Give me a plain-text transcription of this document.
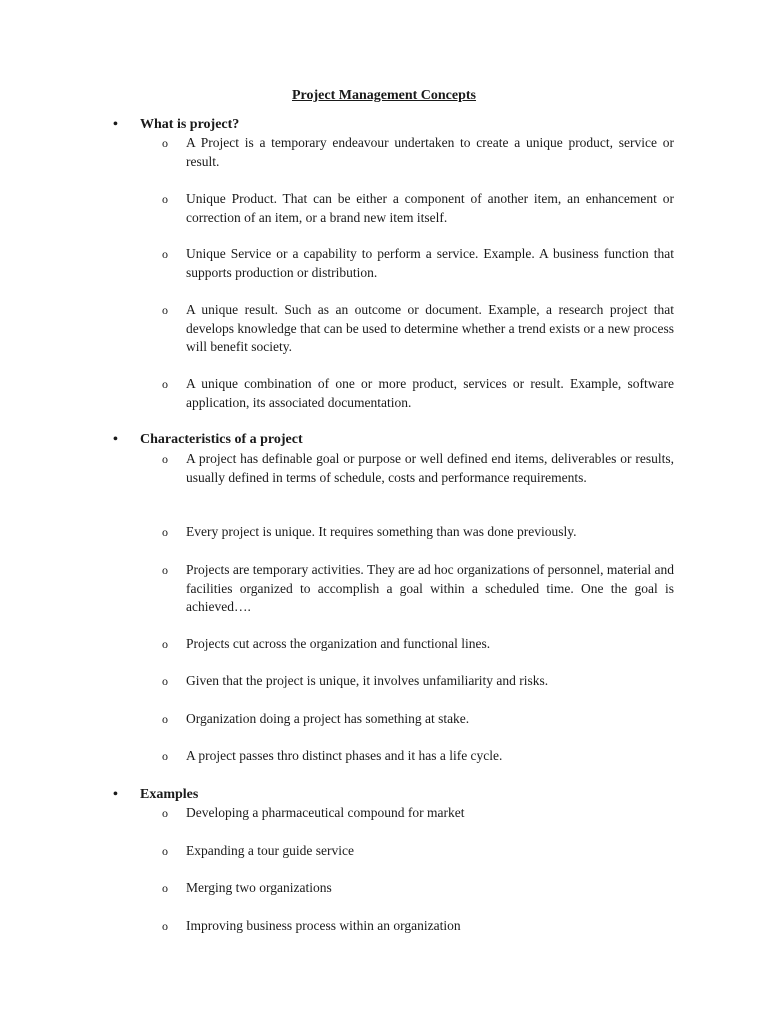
Project Management Concepts
•	What is project?
o A Project is a temporary endeavour undertaken to create a unique product, service or result.
o Unique Product. That can be either a component of another item, an enhancement or correction of an item, or a brand new item itself.
o Unique Service or a capability to perform a service. Example. A business function that supports production or distribution.
o A unique result. Such as an outcome or document. Example, a research project that develops knowledge that can be used to determine whether a trend exists or a new process will benefit society.
o A unique combination of one or more product, services or result. Example, software application, its associated documentation.
•	Characteristics of a project
o A project has definable goal or purpose or well defined end items, deliverables or results, usually defined in terms of schedule, costs and performance requirements.
o Every project is unique. It requires something than was done previously.
o Projects are temporary activities. They are ad hoc organizations of personnel, material and facilities organized to accomplish a goal within a scheduled time. One the goal is achieved….
o Projects cut across the organization and functional lines.
o Given that the project is unique, it involves unfamiliarity and risks.
o Organization doing a project has something at stake.
o A project passes thro distinct phases and it has a life cycle.
•	Examples
o Developing a pharmaceutical compound for market
o Expanding a tour guide service
o Merging two organizations
o Improving business process within an organization
